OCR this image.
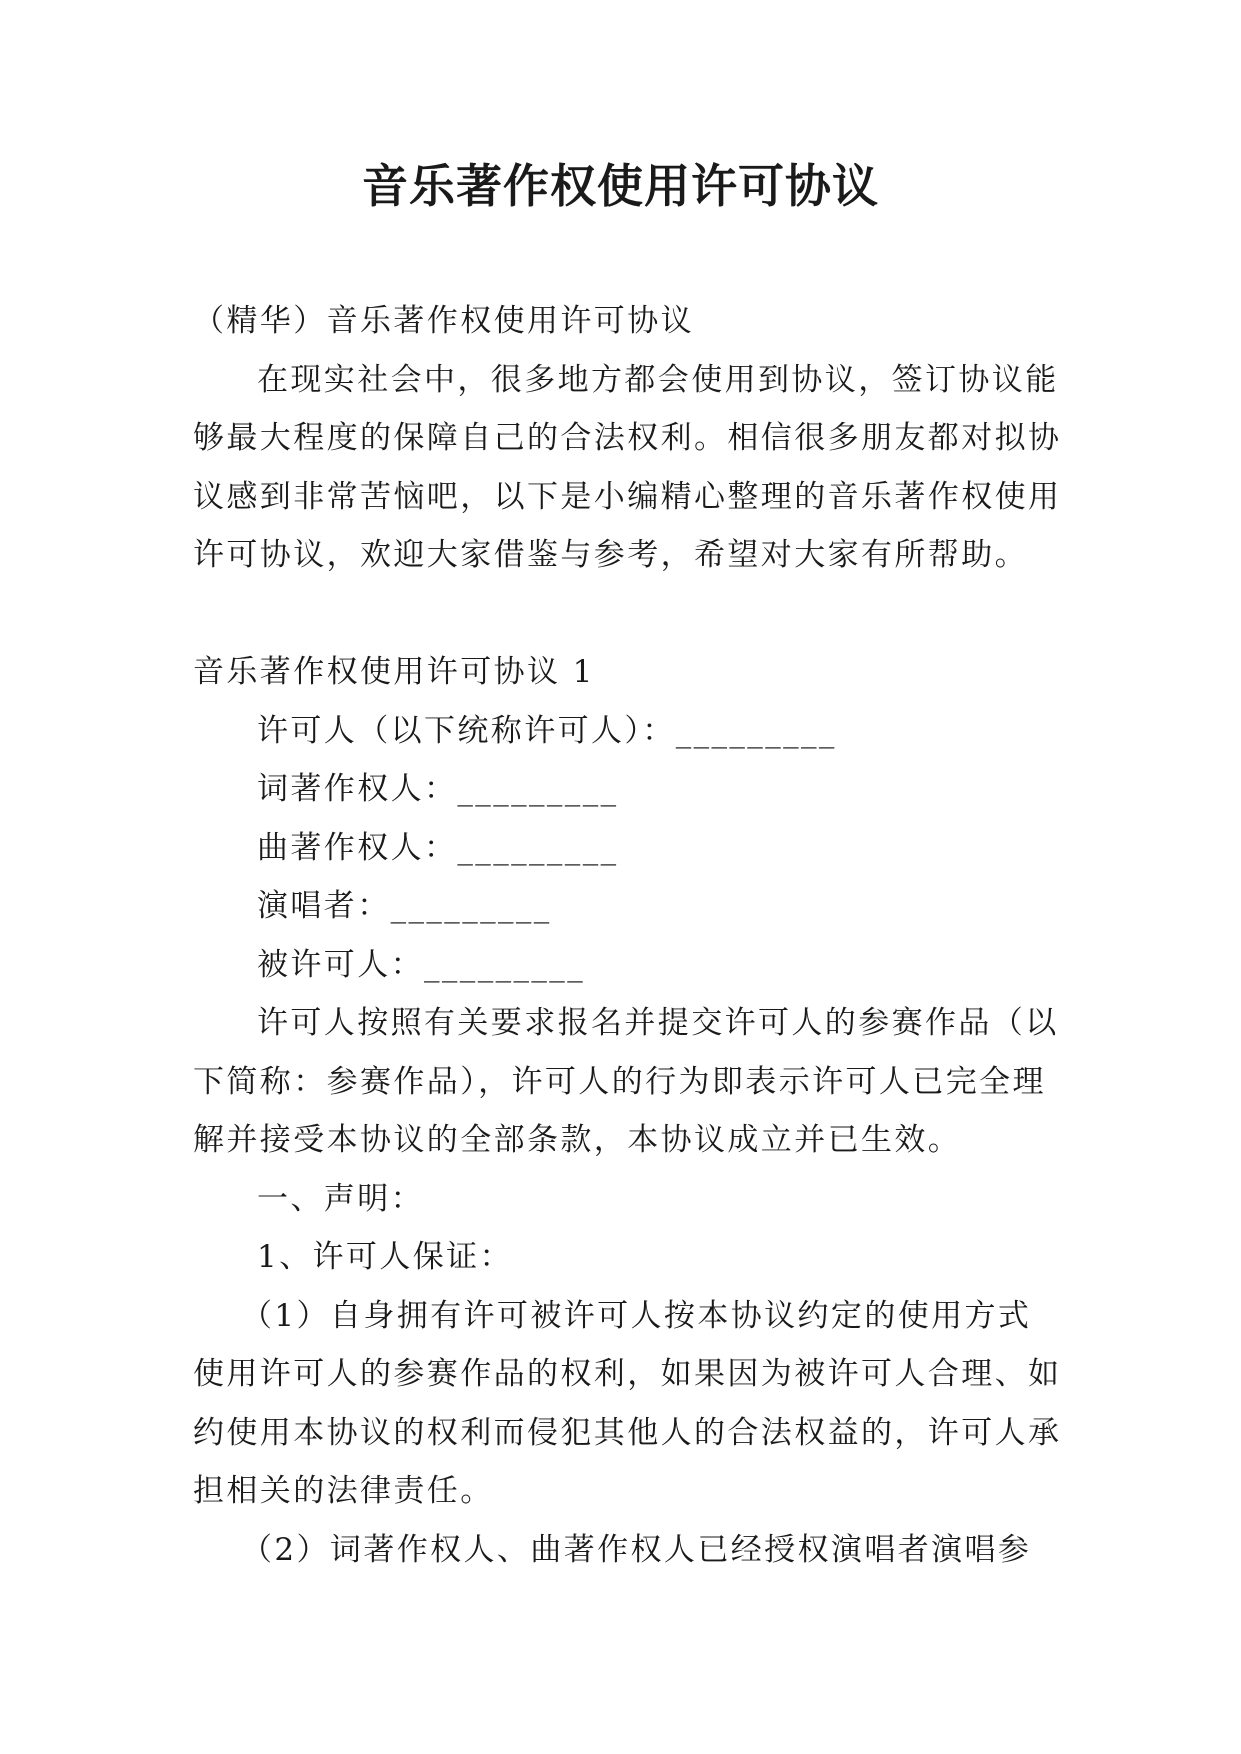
音乐著作权使用许可协议
（精华）音乐著作权使用许可协议
在现实社会中，很多地方都会使用到协议，签订协议能
够最大程度的保障自己的合法权利。相信很多朋友都对拟协
议感到非常苦恼吧，以下是小编精心整理的音乐著作权使用
许可协议，欢迎大家借鉴与参考，希望对大家有所帮助。
音乐著作权使用许可协议 1
许可人（以下统称许可人）：_________
词著作权人：_________
曲著作权人：_________
演唱者：_________
被许可人：_________
许可人按照有关要求报名并提交许可人的参赛作品（以
下简称：参赛作品），许可人的行为即表示许可人已完全理
解并接受本协议的全部条款，本协议成立并已生效。
一、声明：
1、许可人保证：
（1）自身拥有许可被许可人按本协议约定的使用方式
使用许可人的参赛作品的权利，如果因为被许可人合理、如
约使用本协议的权利而侵犯其他人的合法权益的，许可人承
担相关的法律责任。
（2）词著作权人、曲著作权人已经授权演唱者演唱参
